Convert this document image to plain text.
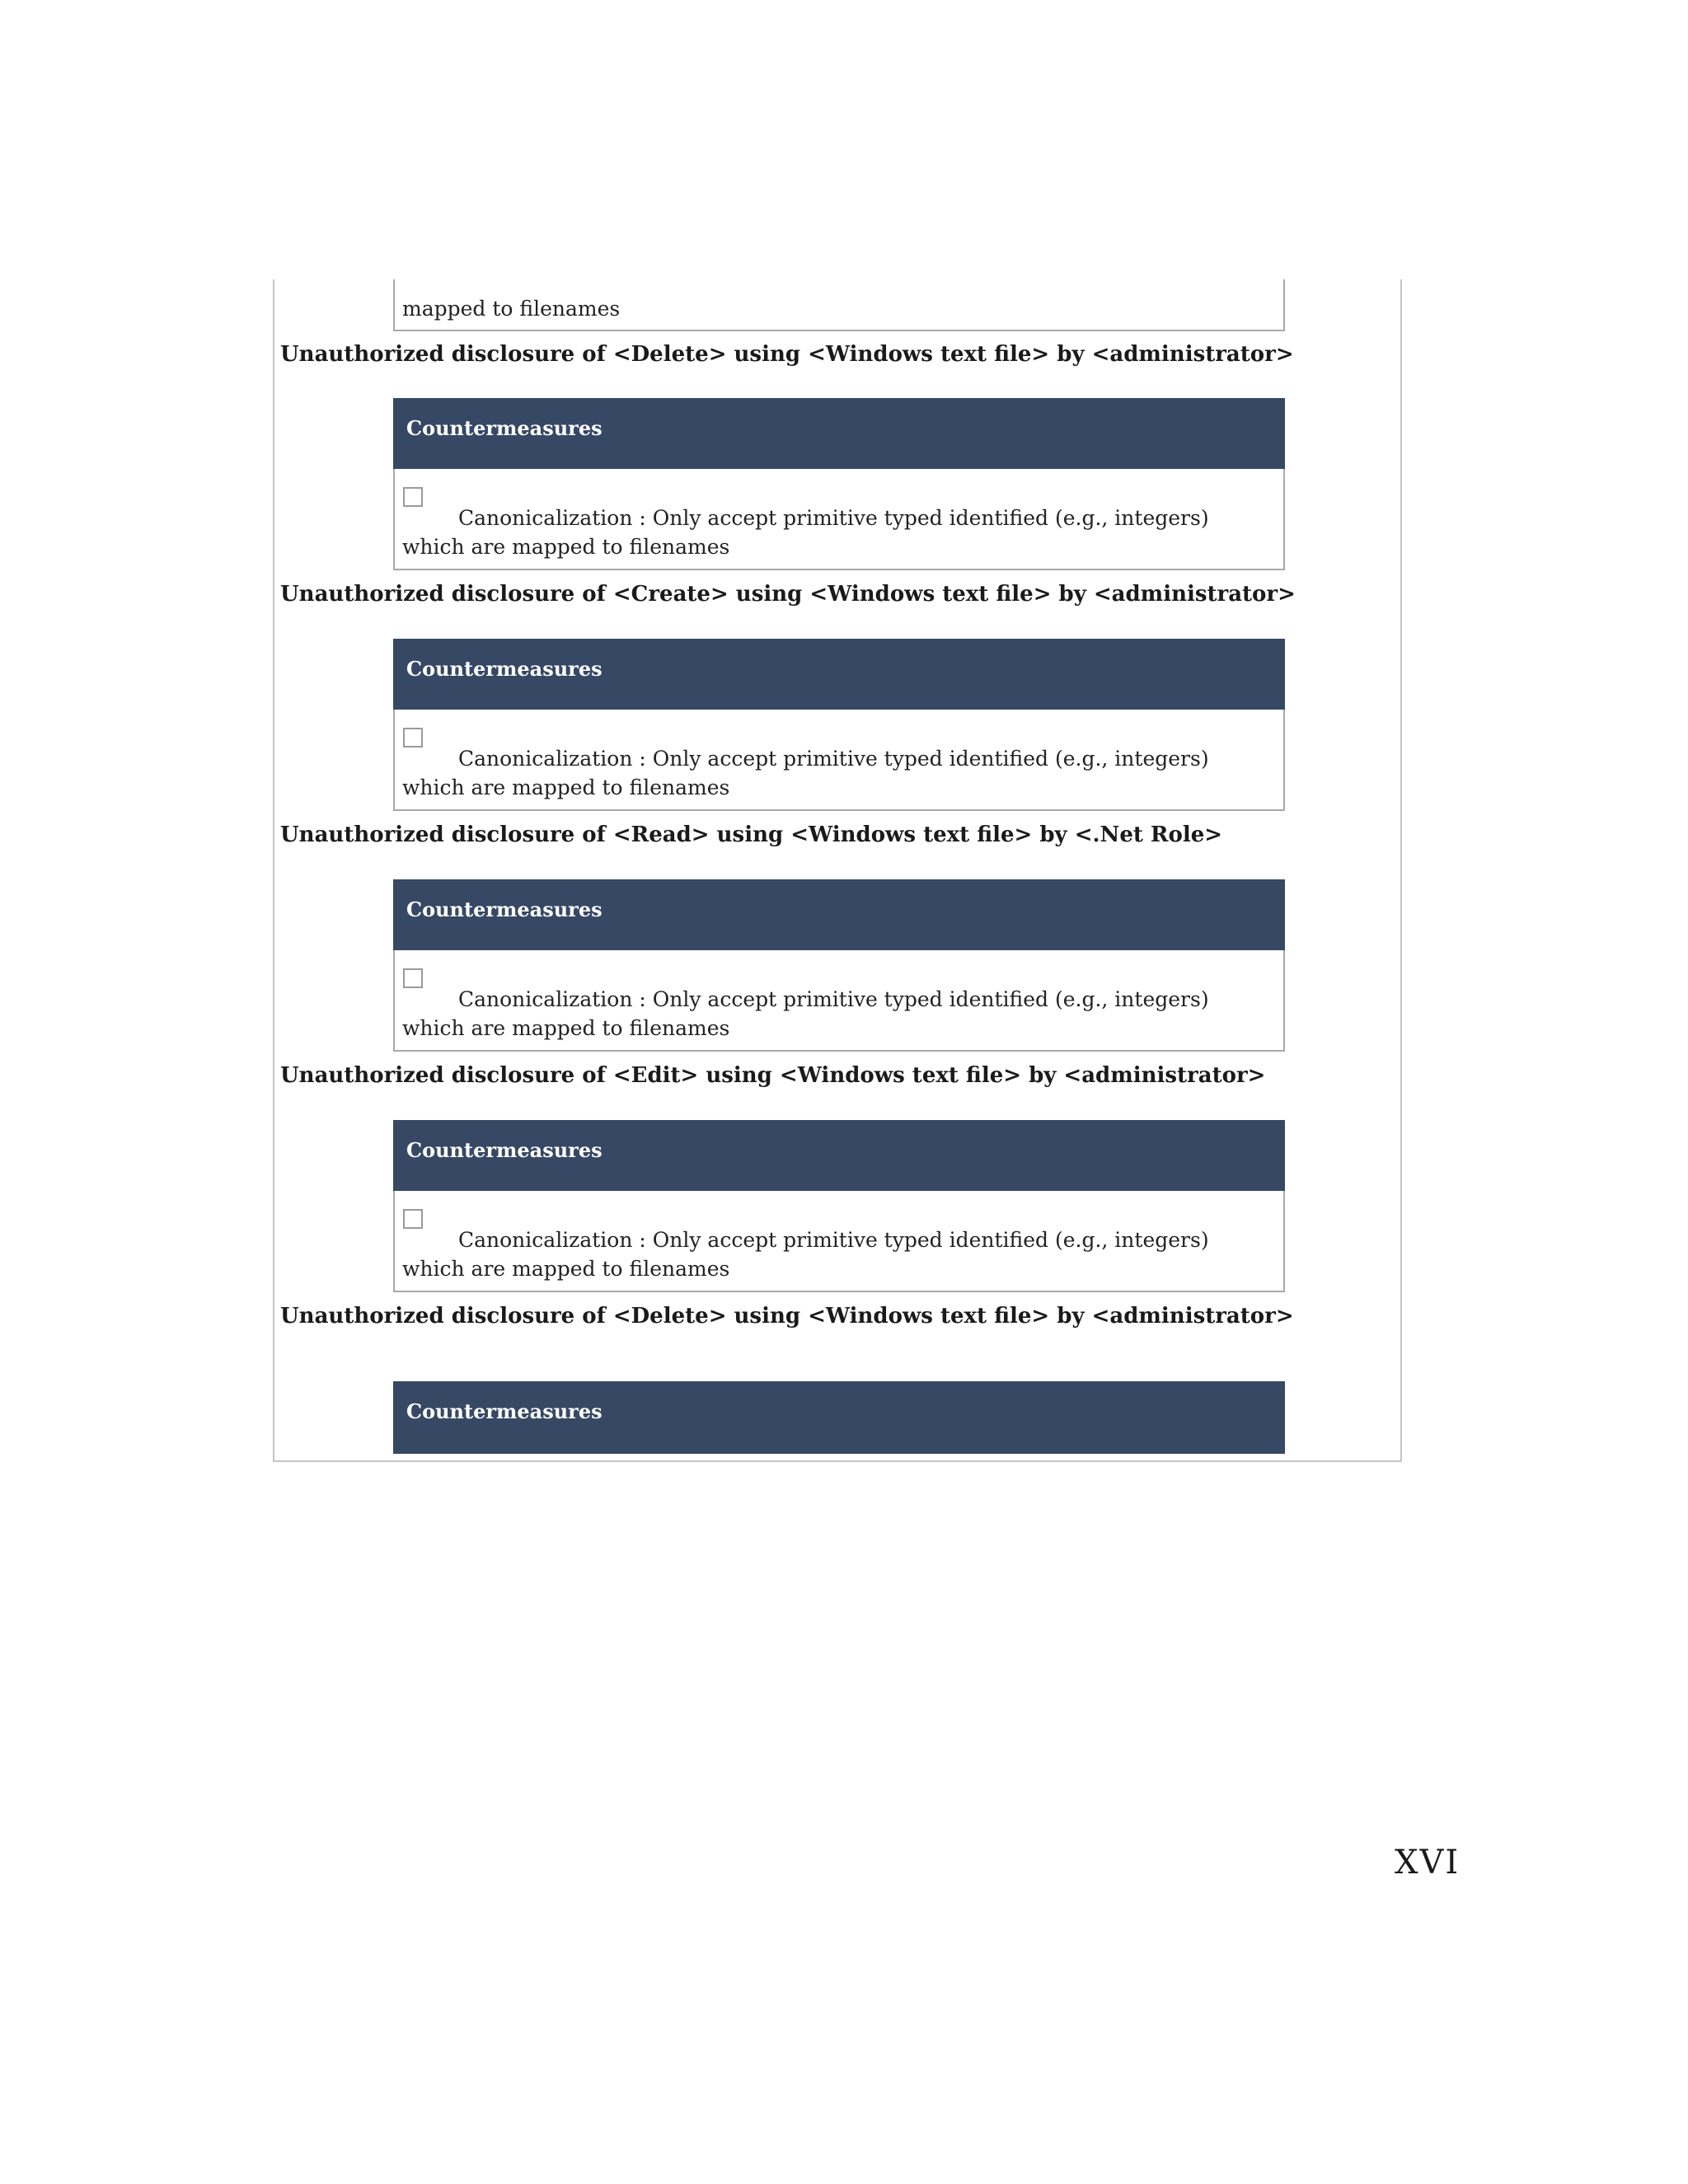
mapped to filenames
Unauthorized disclosure of <Delete> using <Windows text file> by <administrator>
Countermeasures
Canonicalization : Only accept primitive typed identified (e.g., integers) which are mapped to filenames
Unauthorized disclosure of <Create> using <Windows text file> by <administrator>
Countermeasures
Canonicalization : Only accept primitive typed identified (e.g., integers) which are mapped to filenames
Unauthorized disclosure of <Read> using <Windows text file> by <.Net Role>
Countermeasures
Canonicalization : Only accept primitive typed identified (e.g., integers) which are mapped to filenames
Unauthorized disclosure of <Edit> using <Windows text file> by <administrator>
Countermeasures
Canonicalization : Only accept primitive typed identified (e.g., integers) which are mapped to filenames
Unauthorized disclosure of <Delete> using <Windows text file> by <administrator>
Countermeasures
XVI
